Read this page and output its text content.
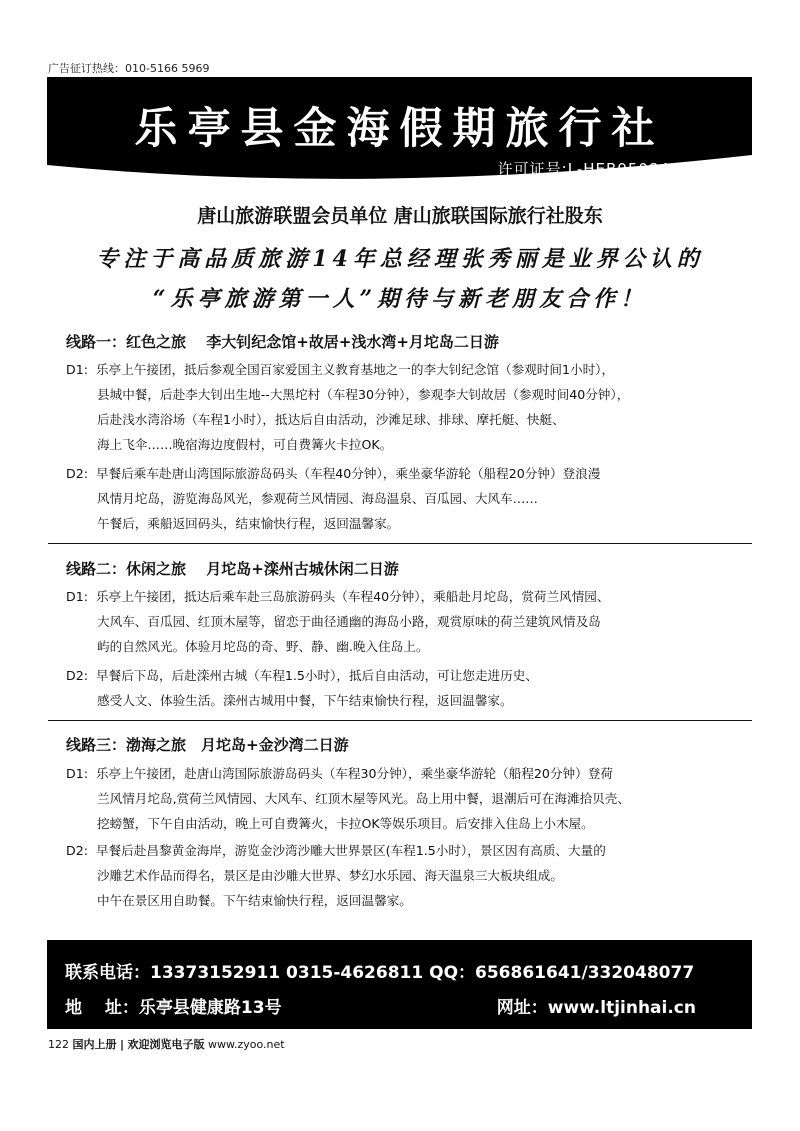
广告征订热线：010-5166 5969
乐亭县金海假期旅行社
许可证号:L-HEB05084
唐山旅游联盟会员单位 唐山旅联国际旅行社股东
专注于高品质旅游14年总经理张秀丽是业界公认的
“乐亭旅游第一人”期待与新老朋友合作！
线路一：红色之旅　 李大钊纪念馆+故居+浅水湾+月坨岛二日游
D1: 乐亭上午接团，抵后参观全国百家爱国主义教育基地之一的李大钊纪念馆（参观时间1小时），
县城中餐，后赴李大钊出生地--大黑坨村（车程30分钟），参观李大钊故居（参观时间40分钟），
后赴浅水湾浴场（车程1小时），抵达后自由活动，沙滩足球、排球、摩托艇、快艇、
海上飞伞……晚宿海边度假村，可自费篝火卡拉OK。
D2: 早餐后乘车赴唐山湾国际旅游岛码头（车程40分钟），乘坐豪华游轮（船程20分钟）登浪漫
风情月坨岛，游览海岛风光，参观荷兰风情园、海岛温泉、百瓜园、大风车……
午餐后，乘船返回码头，结束愉快行程，返回温馨家。
线路二：休闲之旅　 月坨岛+滦州古城休闲二日游
D1: 乐亭上午接团，抵达后乘车赴三岛旅游码头（车程40分钟），乘船赴月坨岛，赏荷兰风情园、
大风车、百瓜园、红顶木屋等，留恋于曲径通幽的海岛小路，观赏原味的荷兰建筑风情及岛
屿的自然风光。体验月坨岛的奇、野、静、幽.晚入住岛上。
D2: 早餐后下岛，后赴滦州古城（车程1.5小时），抵后自由活动，可让您走进历史、
感受人文、体验生活。滦州古城用中餐，下午结束愉快行程，返回温馨家。
线路三：渤海之旅　月坨岛+金沙湾二日游
D1: 乐亭上午接团，赴唐山湾国际旅游岛码头（车程30分钟），乘坐豪华游轮（船程20分钟）登荷
兰风情月坨岛,赏荷兰风情园、大风车、红顶木屋等风光。岛上用中餐，退潮后可在海滩拾贝壳、
挖螃蟹，下午自由活动，晚上可自费篝火，卡拉OK等娱乐项目。后安排入住岛上小木屋。
D2: 早餐后赴昌黎黄金海岸，游览金沙湾沙雕大世界景区(车程1.5小时），景区因有高质、大量的
沙雕艺术作品而得名，景区是由沙雕大世界、梦幻水乐园、海天温泉三大板块组成。
中午在景区用自助餐。下午结束愉快行程，返回温馨家。
联系电话：13373152911 0315-4626811 QQ：656861641/332048077
地　 址：乐亭县健康路13号	网址：www.ltjinhai.cn
122 国内上册 | 欢迎浏览电子版 www.zyoo.net
